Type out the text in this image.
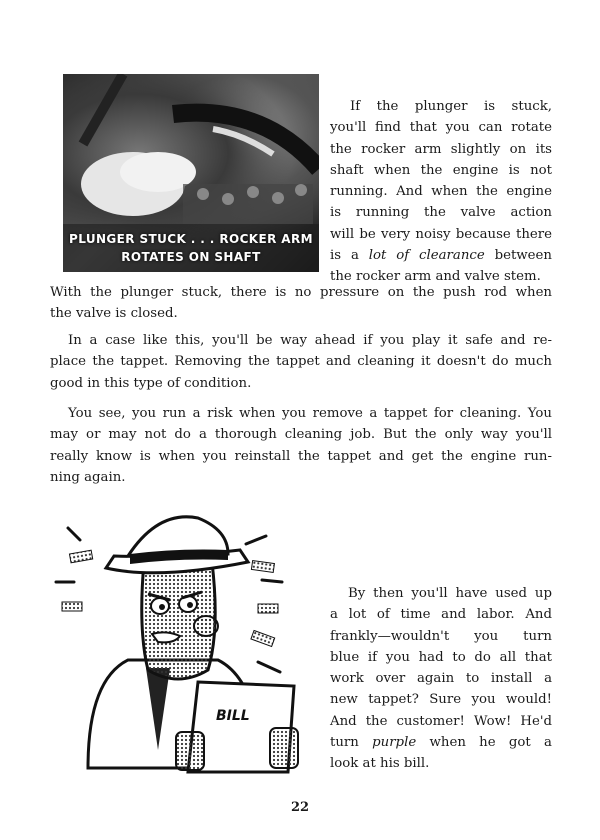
PLUNGER STUCK . . . ROCKER ARM
ROTATES ON SHAFT

If the plunger is stuck,
you'll find that you can rotate
the rocker arm slightly on its
shaft when the engine is not
running. And when the engine
is running the valve action
will be very noisy because there
is a lot of clearance between
the rocker arm and valve stem.

With the plunger stuck, there is no pressure on the push rod when
the valve is closed.

In a case like this, you'll be way ahead if you play it safe and re-
place the tappet. Removing the tappet and cleaning it doesn't do much
good in this type of condition.

You see, you run a risk when you remove a tappet for cleaning. You
may or may not do a thorough cleaning job. But the only way you'll
really know is when you reinstall the tappet and get the engine run-
ning again.

BILL

By then you'll have used up
a lot of time and labor. And
frankly—wouldn't you turn
blue if you had to do all that
work over again to install a
new tappet? Sure you would!
And the customer! Wow! He'd
turn purple when he got a
look at his bill.

22
